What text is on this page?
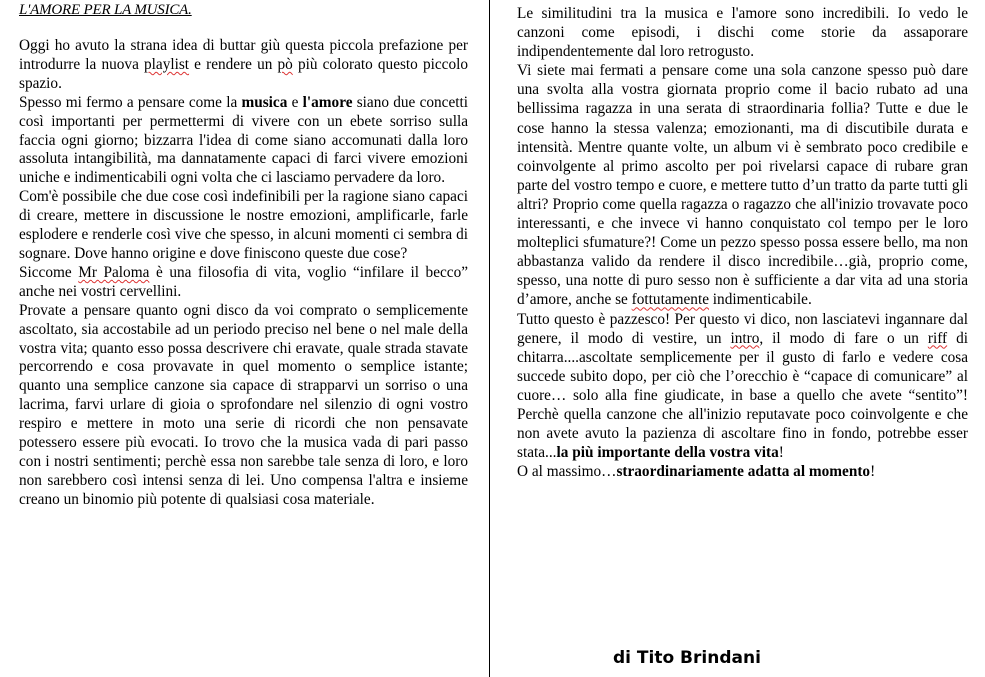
L'AMORE PER LA MUSICA.

Oggi ho avuto la strana idea di buttar giù questa piccola prefazione per introdurre la nuova playlist e rendere un pò più colorato questo piccolo spazio.

Spesso mi fermo a pensare come la musica e l'amore siano due concetti così importanti per permettermi di vivere con un ebete sorriso sulla faccia ogni giorno; bizzarra l'idea di come siano accomunati dalla loro assoluta intangibilità, ma dannatamente capaci di farci vivere emozioni uniche e indimenticabili ogni volta che ci lasciamo pervadere da loro.

Com'è possibile che due cose così indefinibili per la ragione siano capaci di creare, mettere in discussione le nostre emozioni, amplificarle, farle esplodere e renderle così vive che spesso, in alcuni momenti ci sembra di sognare. Dove hanno origine e dove finiscono queste due cose?

Siccome Mr Paloma è una filosofia di vita, voglio “infilare il becco” anche nei vostri cervellini.

Provate a pensare quanto ogni disco da voi comprato o semplicemente ascoltato, sia accostabile ad un periodo preciso nel bene o nel male della vostra vita; quanto esso possa descrivere chi eravate, quale strada stavate percorrendo e cosa provavate in quel momento o semplice istante; quanto una semplice canzone sia capace di strapparvi un sorriso o una lacrima, farvi urlare di gioia o sprofondare nel silenzio di ogni vostro respiro e mettere in moto una serie di ricordi che non pensavate potessero essere più evocati. Io trovo che la musica vada di pari passo con i nostri sentimenti; perchè essa non sarebbe tale senza di loro, e loro non sarebbero così intensi senza di lei. Uno compensa l'altra e insieme creano un binomio più potente di qualsiasi cosa materiale.

Le similitudini tra la musica e l'amore sono incredibili. Io vedo le canzoni come episodi, i dischi come storie da assaporare indipendentemente dal loro retrogusto.

Vi siete mai fermati a pensare come una sola canzone spesso può dare una svolta alla vostra giornata proprio come il bacio rubato ad una bellissima ragazza in una serata di straordinaria follia? Tutte e due le cose hanno la stessa valenza; emozionanti, ma di discutibile durata e intensità. Mentre quante volte, un album vi è sembrato poco credibile e coinvolgente al primo ascolto per poi rivelarsi capace di rubare gran parte del vostro tempo e cuore, e mettere tutto d’un tratto da parte tutti gli altri? Proprio come quella ragazza o ragazzo che all'inizio trovavate poco interessanti, e che invece vi hanno conquistato col tempo per le loro molteplici sfumature?! Come un pezzo spesso possa essere bello, ma non abbastanza valido da rendere il disco incredibile…già, proprio come, spesso, una notte di puro sesso non è sufficiente a dar vita ad una storia d’amore, anche se fottutamente indimenticabile.

Tutto questo è pazzesco! Per questo vi dico, non lasciatevi ingannare dal genere, il modo di vestire, un intro, il modo di fare o un riff di chitarra....ascoltate semplicemente per il gusto di farlo e vedere cosa succede subito dopo, per ciò che l’orecchio è “capace di comunicare” al cuore… solo alla fine giudicate, in base a quello che avete “sentito”! Perchè quella canzone che all'inizio reputavate poco coinvolgente e che non avete avuto la pazienza di ascoltare fino in fondo, potrebbe esser stata...la più importante della vostra vita!

O al massimo…straordinariamente adatta al momento!

di Tito Brindani
